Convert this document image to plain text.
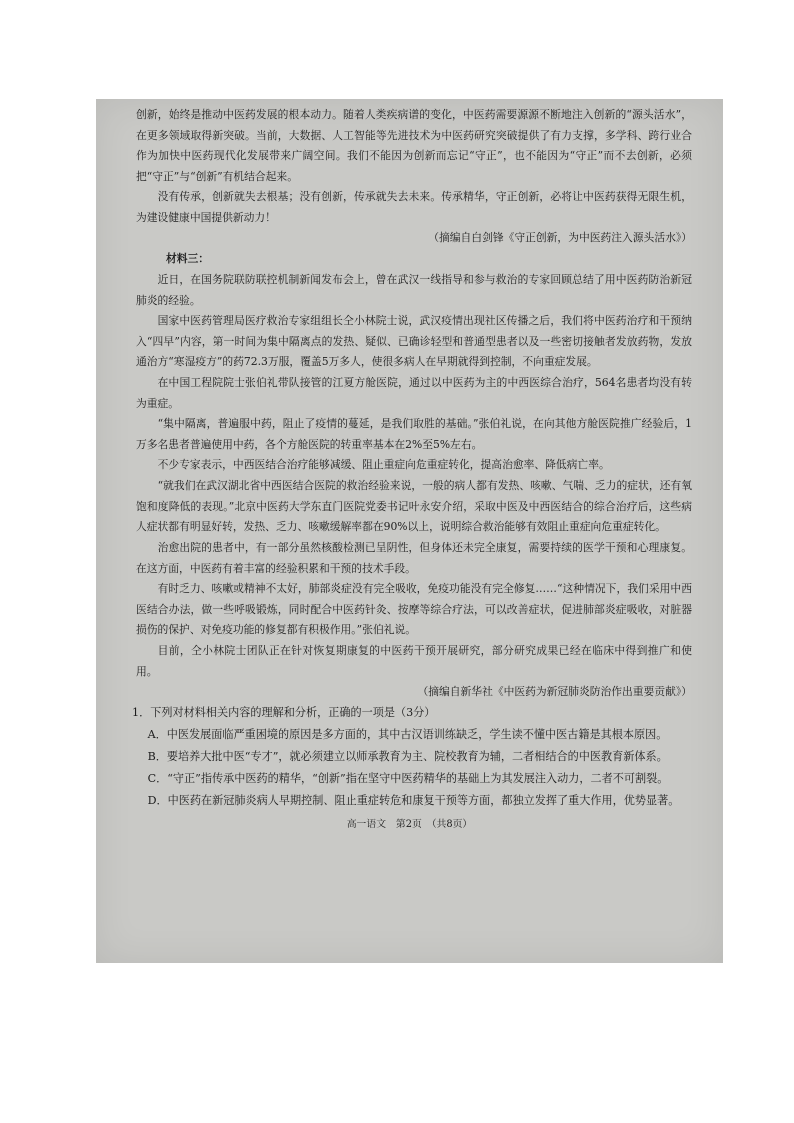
创新，始终是推动中医药发展的根本动力。随着人类疾病谱的变化，中医药需要源源不断地注入创新的“源头活水”，在更多领域取得新突破。当前，大数据、人工智能等先进技术为中医药研究突破提供了有力支撑，多学科、跨行业合作为加快中医药现代化发展带来广阔空间。我们不能因为创新而忘记“守正”，也不能因为“守正”而不去创新，必须把“守正”与“创新”有机结合起来。

没有传承，创新就失去根基；没有创新，传承就失去未来。传承精华，守正创新，必将让中医药获得无限生机，为建设健康中国提供新动力！

（摘编自白剑锋《守正创新，为中医药注入源头活水》）

材料三：

近日，在国务院联防联控机制新闻发布会上，曾在武汉一线指导和参与救治的专家回顾总结了用中医药防治新冠肺炎的经验。

国家中医药管理局医疗救治专家组组长仝小林院士说，武汉疫情出现社区传播之后，我们将中医药治疗和干预纳入“四早”内容，第一时间为集中隔离点的发热、疑似、已确诊轻型和普通型患者以及一些密切接触者发放药物，发放通治方“寒湿疫方”的药72.3万服，覆盖5万多人，使很多病人在早期就得到控制，不向重症发展。

在中国工程院院士张伯礼带队接管的江夏方舱医院，通过以中医药为主的中西医综合治疗，564名患者均没有转为重症。

“集中隔离，普遍服中药，阻止了疫情的蔓延，是我们取胜的基础。”张伯礼说，在向其他方舱医院推广经验后，1万多名患者普遍使用中药，各个方舱医院的转重率基本在2%至5%左右。

不少专家表示，中西医结合治疗能够减缓、阻止重症向危重症转化，提高治愈率、降低病亡率。

“就我们在武汉湖北省中西医结合医院的救治经验来说，一般的病人都有发热、咳嗽、气喘、乏力的症状，还有氧饱和度降低的表现。”北京中医药大学东直门医院党委书记叶永安介绍，采取中医及中西医结合的综合治疗后，这些病人症状都有明显好转，发热、乏力、咳嗽缓解率都在90%以上，说明综合救治能够有效阻止重症向危重症转化。

治愈出院的患者中，有一部分虽然核酸检测已呈阴性，但身体还未完全康复，需要持续的医学干预和心理康复。在这方面，中医药有着丰富的经验积累和干预的技术手段。

有时乏力、咳嗽或精神不太好，肺部炎症没有完全吸收，免疫功能没有完全修复……“这种情况下，我们采用中西医结合办法，做一些呼吸锻炼，同时配合中医药针灸、按摩等综合疗法，可以改善症状，促进肺部炎症吸收，对脏器损伤的保护、对免疫功能的修复都有积极作用。”张伯礼说。

目前，仝小林院士团队正在针对恢复期康复的中医药干预开展研究，部分研究成果已经在临床中得到推广和使用。

（摘编自新华社《中医药为新冠肺炎防治作出重要贡献》）

1．下列对材料相关内容的理解和分析，正确的一项是（3分）

A．中医发展面临严重困境的原因是多方面的，其中古汉语训练缺乏，学生读不懂中医古籍是其根本原因。

B．要培养大批中医“专才”，就必须建立以师承教育为主、院校教育为辅，二者相结合的中医教育新体系。

C．“守正”指传承中医药的精华，“创新”指在坚守中医药精华的基础上为其发展注入动力，二者不可割裂。

D．中医药在新冠肺炎病人早期控制、阻止重症转危和康复干预等方面，都独立发挥了重大作用，优势显著。

高一语文　第2页　（共8页）
